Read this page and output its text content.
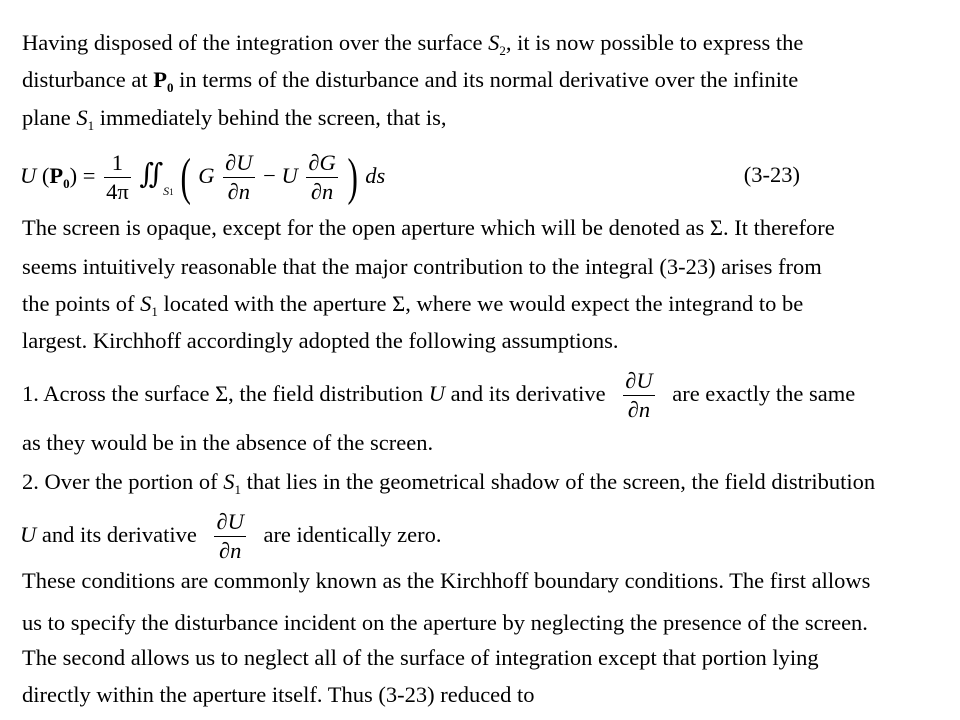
Having disposed of the integration over the surface $S_2$, it is now possible to express the
disturbance at $P_0$ in terms of the disturbance and its normal derivative over the infinite
plane $S_1$ immediately behind the screen, that is,
U $(P_0) = \frac{1}{4\pi}$ $∬_{S1}$ ( G $\frac{\partial U}{\partial n} - U \frac{\partial G}{\partial n}$ ) ds	(3-23)
The screen is opaque, except for the open aperture which will be denoted as Σ. It therefore
seems intuitively reasonable that the major contribution to the integral (3-23) arises from
the points of $S_1$ located with the aperture Σ, where we would expect the integrand to be
largest. Kirchhoff accordingly adopted the following assumptions.
1. Across the surface Σ, the field distribution U and its derivative $\frac{\partial U}{\partial n}$ are exactly the same
as they would be in the absence of the screen.
2. Over the portion of $S_1$ that lies in the geometrical shadow of the screen, the field distribution
U and its derivative $\frac{\partial U}{\partial n}$ are identically zero.
These conditions are commonly known as the Kirchhoff boundary conditions. The first allows
us to specify the disturbance incident on the aperture by neglecting the presence of the screen.
The second allows us to neglect all of the surface of integration except that portion lying
directly within the aperture itself. Thus (3-23) reduced to
